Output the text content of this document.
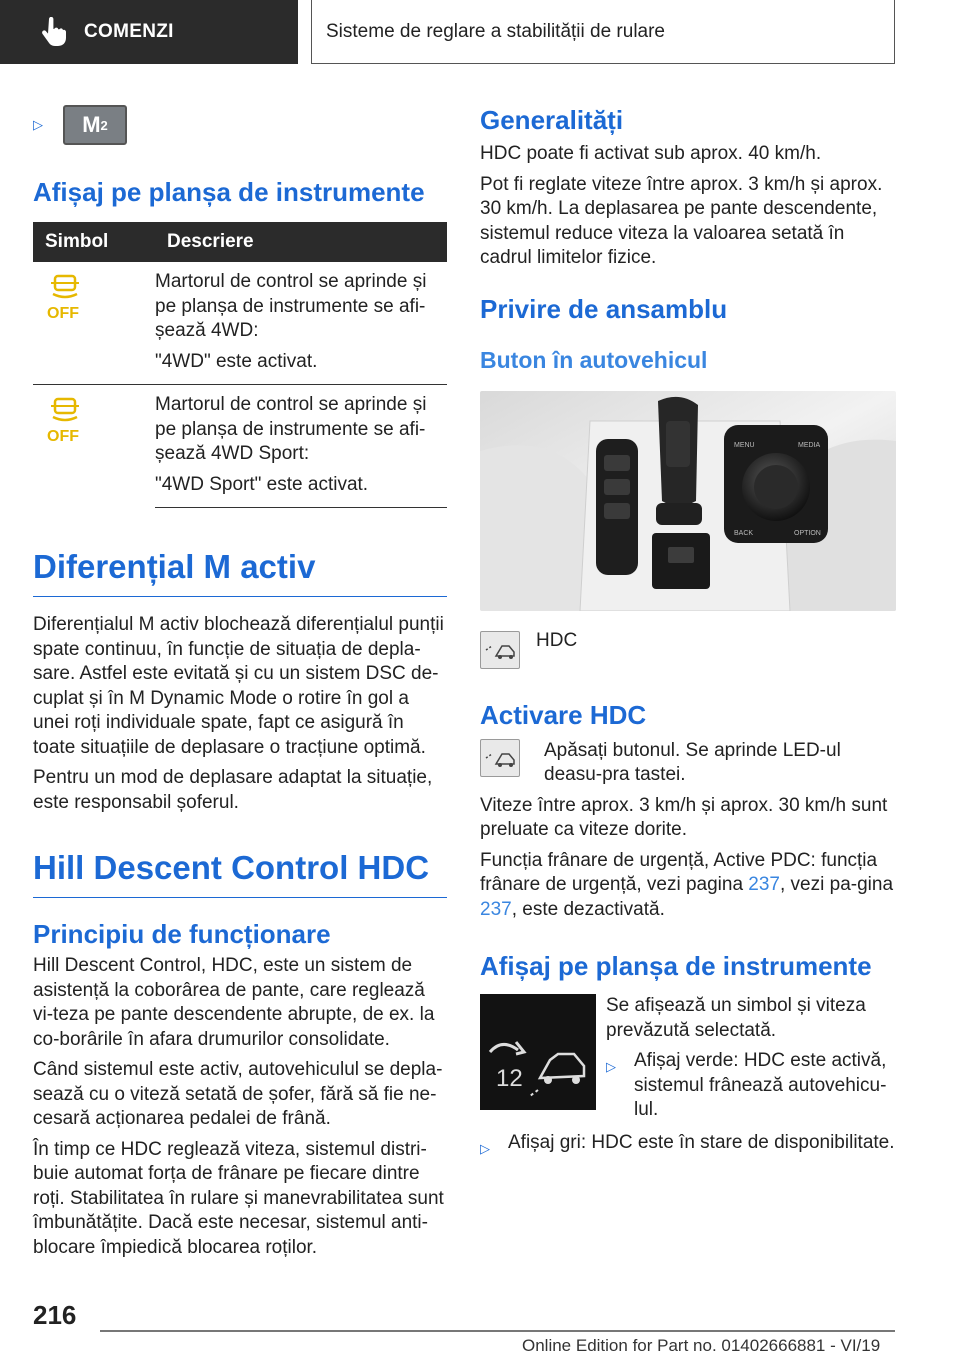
COMENZI	Sisteme de reglare a stabilității de rulare
▷ M 2
Afișaj pe planșa de instrumente
Simbol	Descriere

OFF	Martorul de control se aprinde și pe planșa de instrumente se afi‐șează 4WD:

"4WD" este activat.

OFF	Martorul de control se aprinde și pe planșa de instrumente se afi‐șează 4WD Sport:

"4WD Sport" este activat.

Diferențial M activ

Diferențialul M activ blochează diferențialul punții spate continuu, în funcție de situația de depla‐sare. Astfel este evitată și cu un sistem DSC de‐cuplat și în M Dynamic Mode o rotire în gol a unei roți individuale spate, fapt ce asigură în toate situațiile de deplasare o tracțiune optimă.

Pentru un mod de deplasare adaptat la situație, este responsabil șoferul.

Hill Descent Control HDC
Principiu de funcționare

Hill Descent Control, HDC, este un sistem de asistență la coborârea de pante, care reglează vi‐teza pe pante descendente abrupte, de ex. la co‐borârile în afara drumurilor consolidate.

Când sistemul este activ, autovehiculul se depla‐sează cu o viteză setată de șofer, fără să fie ne‐cesară acționarea pedalei de frână.

În timp ce HDC reglează viteza, sistemul distri‐buie automat forța de frânare pe fiecare dintre roți. Stabilitatea în rulare și manevrabilitatea sunt îmbunătățite. Dacă este necesar, sistemul anti‐blocare împiedică blocarea roților.

Generalități

HDC poate fi activat sub aprox. 40 km/h.

Pot fi reglate viteze între aprox. 3 km/h și aprox. 30 km/h. La deplasarea pe pante descendente, sistemul reduce viteza la valoarea setată în cadrul limitelor fizice.

Privire de ansamblu
Buton în autovehicul
MENU	MEDIA
BACK	OPTION

HDC

Activare HDC

Apăsați butonul. Se aprinde LED-ul deasu‐pra tastei.

Viteze între aprox. 3 km/h și aprox. 30 km/h sunt preluate ca viteze dorite.

Funcția frânare de urgență, Active PDC: funcția frânare de urgență, vezi pagina 237, vezi pa‐gina 237, este dezactivată.

Afișaj pe planșa de instrumente
12

Se afișează un simbol și viteza prevăzută selectată.

▷ Afișaj verde: HDC este activă, sistemul frânează autovehicu‐lul.
▷ Afișaj gri: HDC este în stare de disponibilitate.
216
Online Edition for Part no. 01402666881 - VI/19
